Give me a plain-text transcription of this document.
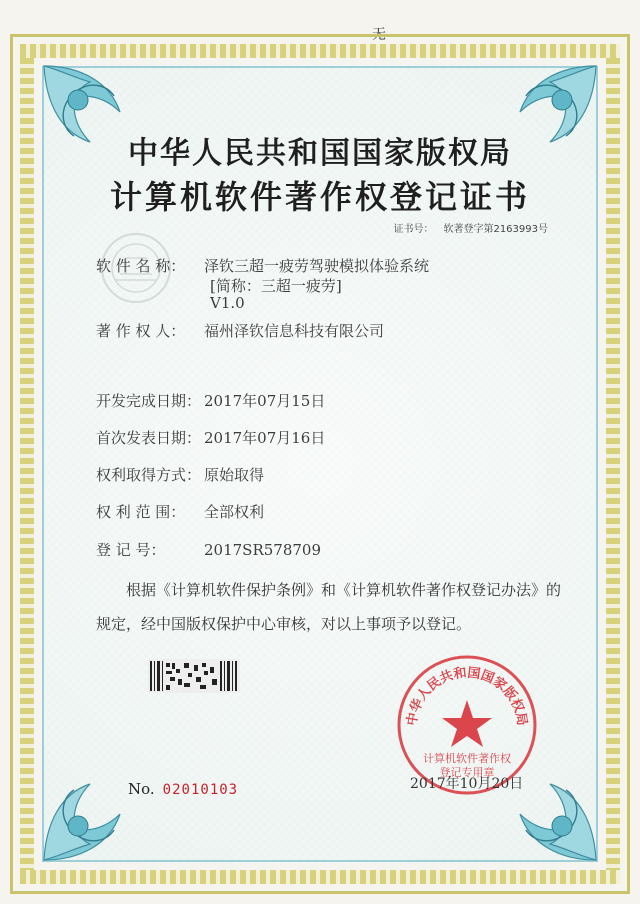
无
中华人民共和国国家版权局
计算机软件著作权登记证书
证书号： 软著登字第2163993号
软 件 名 称： 泽钦三超一疲劳驾驶模拟体验系统
[简称：三超一疲劳]
V1.0
著 作 权 人： 福州泽钦信息科技有限公司
开发完成日期： 2017年07月15日
首次发表日期： 2017年07月16日
权利取得方式： 原始取得
权 利 范 围： 全部权利
登 记 号：	2017SR578709
根据《计算机软件保护条例》和《计算机软件著作权登记办法》的
规定，经中国版权保护中心审核，对以上事项予以登记。
No. 02010103
中华人民共和国国家版权局
计算机软件著作权
登记专用章
2017年10月20日
